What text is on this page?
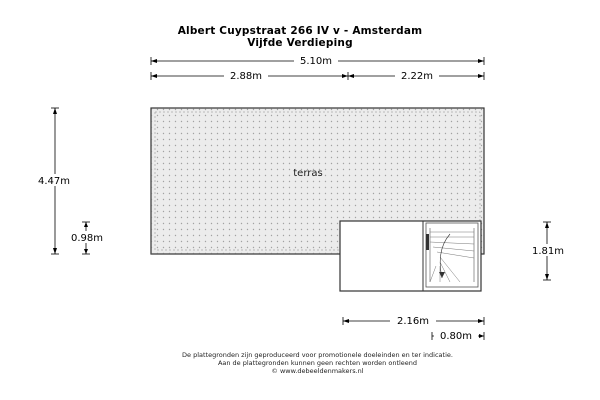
Albert Cuypstraat 266 IV v - Amsterdam
Vijfde Verdieping
5.10m
2.88m	2.22m
4.47m
0.98m
terras
1.81m
2.16m
0.80m
De plattegronden zijn geproduceerd voor promotionele doeleinden en ter indicatie.
Aan de plattegronden kunnen geen rechten worden ontleend
© www.debeeldenmakers.nl
